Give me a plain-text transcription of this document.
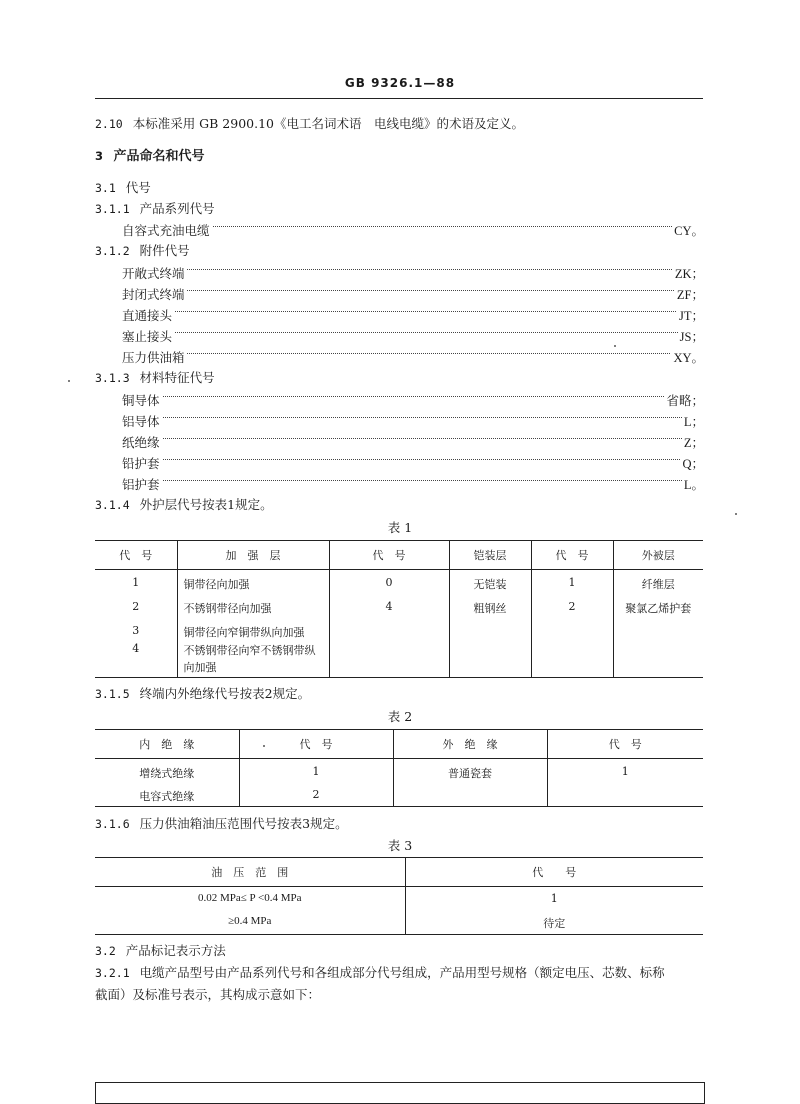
GB 9326.1—88
2.10 本标准采用 GB 2900.10《电工名词术语　电线电缆》的术语及定义。
3 产品命名和代号
3.1 代号
3.1.1 产品系列代号
自容式充油电缆	CY。
3.1.2 附件代号
开敞式终端	ZK；
封闭式终端	ZF；
直通接头	JT；
塞止接头	JS；
压力供油箱	XY。
3.1.3 材料特征代号
铜导体	省略；
铝导体	L；
纸绝缘	Z；
铅护套	Q；
铝护套	L。
3.1.4 外护层代号按表1规定。
表 1
代　号	加　强　层	代　号	铠装层	代　号	外被层
1	铜带径向加强	0	无铠装	1	纤维层
2	不锈钢带径向加强	4	粗钢丝	2	聚氯乙烯护套
3	铜带径向窄铜带纵向加强				
4	不锈钢带径向窄不锈钢带纵向加强				
3.1.5 终端内外绝缘代号按表2规定。
表 2
内　绝　缘	代　号	外　绝　缘	代　号
增绕式绝缘	1	普通瓷套	1
电容式绝缘	2		
3.1.6 压力供油箱油压范围代号按表3规定。
表 3
油　压　范　围	代　　号
0.02 MPa≤ P <0.4 MPa	1
≥0.4 MPa	待定
3.2 产品标记表示方法
3.2.1 电缆产品型号由产品系列代号和各组成部分代号组成，产品用型号规格（额定电压、芯数、标称
截面）及标准号表示，其构成示意如下：
